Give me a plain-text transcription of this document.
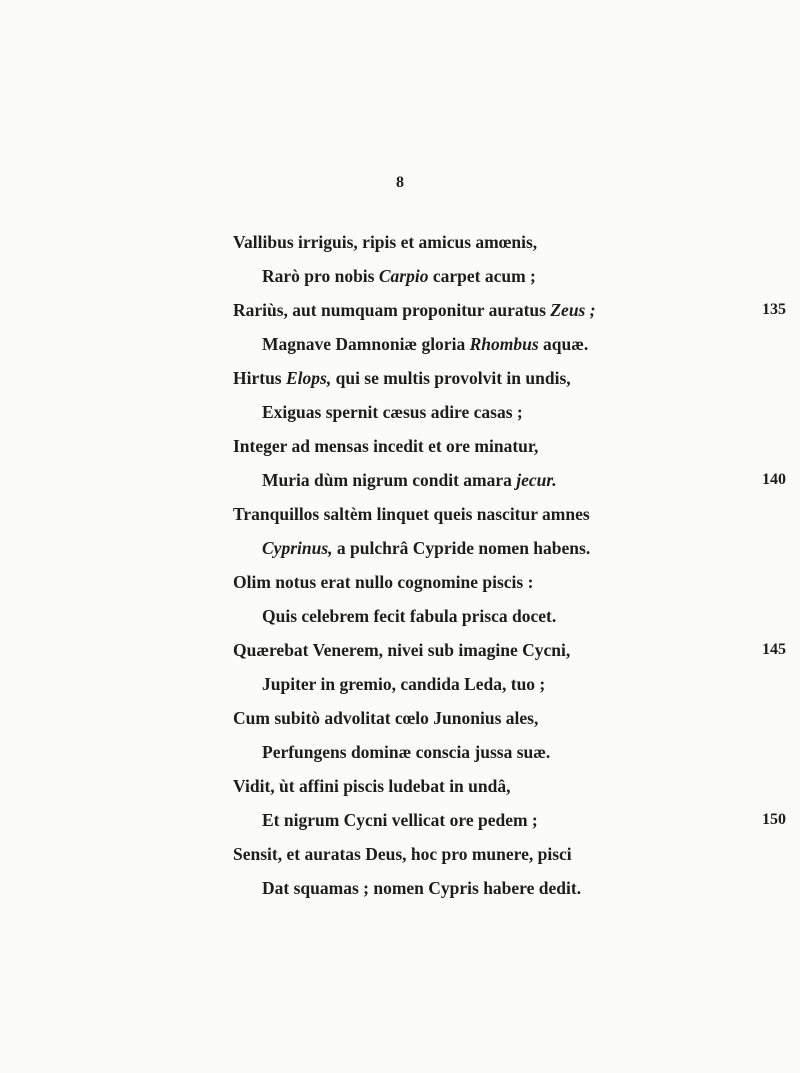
8
Vallibus irriguis, ripis et amicus amœnis,
Rarò pro nobis Carpio carpet acum ;
Rariùs, aut numquam proponitur auratus Zeus ;	135
Magnave Damnoniæ gloria Rhombus aquæ.
Hirtus Elops, qui se multis provolvit in undis,
Exiguas spernit cæsus adire casas ;
Integer ad mensas incedit et ore minatur,
Muria dùm nigrum condit amara jecur.	140
Tranquillos saltèm linquet queis nascitur amnes
Cyprinus, a pulchrâ Cypride nomen habens.
Olim notus erat nullo cognomine piscis :
Quis celebrem fecit fabula prisca docet.
Quærebat Venerem, nivei sub imagine Cycni,	145
Jupiter in gremio, candida Leda, tuo ;
Cum subitò advolitat cœlo Junonius ales,
Perfungens dominæ conscia jussa suæ.
Vidit, ùt affini piscis ludebat in undâ,
Et nigrum Cycni vellicat ore pedem ;	150
Sensit, et auratas Deus, hoc pro munere, pisci
Dat squamas ; nomen Cypris habere dedit.
